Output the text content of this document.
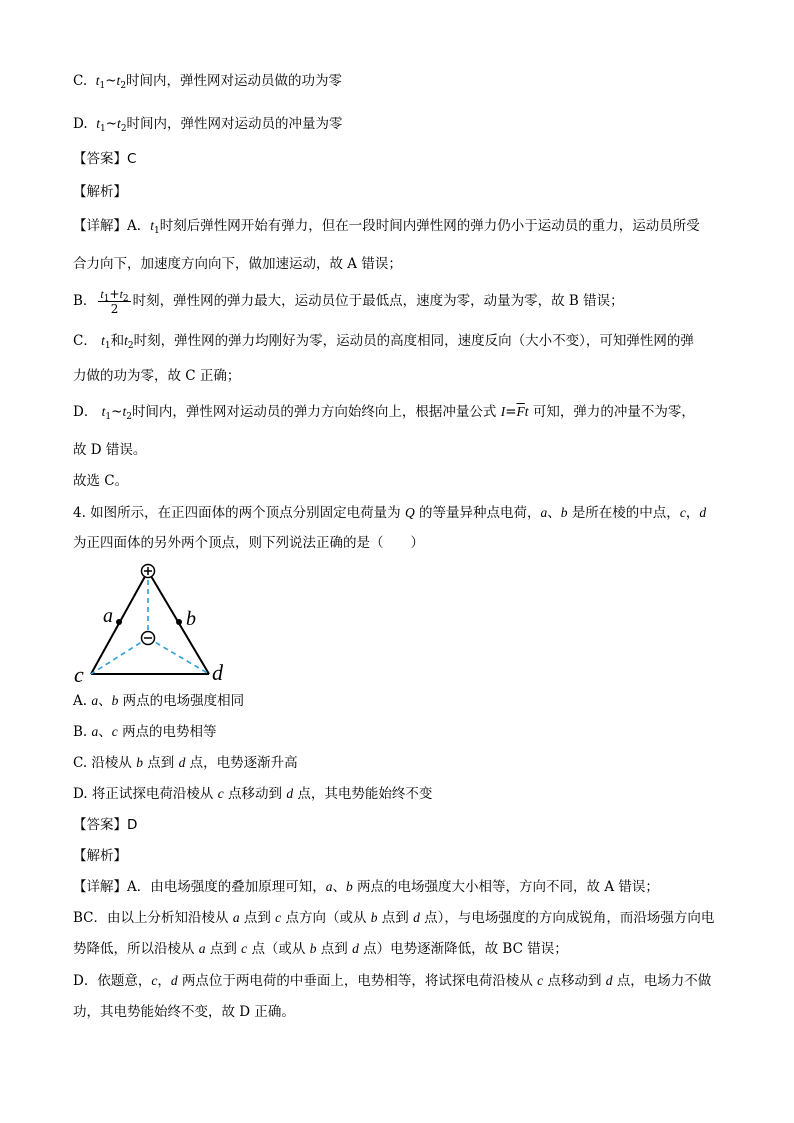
C. $t_1\sim t_2$时间内，弹性网对运动员做的功为零
D. $t_1\sim t_2$时间内，弹性网对运动员的冲量为零
【答案】C
【解析】
【详解】A．$t_1$时刻后弹性网开始有弹力，但在一段时间内弹性网的弹力仍小于运动员的重力，运动员所受
合力向下，加速度方向向下，做加速运动，故 A 错误；
B． $\frac{t_1+t_2}{2}$ 时刻，弹性网的弹力最大，运动员位于最低点，速度为零，动量为零，故 B 错误；
C． $t_1$和$t_2$时刻，弹性网的弹力均刚好为零，运动员的高度相同，速度反向（大小不变），可知弹性网的弹
力做的功为零，故 C 正确；
D． $t_1\sim t_2$时间内，弹性网对运动员的弹力方向始终向上，根据冲量公式 $I=\overline{F}t$ 可知，弹力的冲量不为零，
故 D 错误。
故选 C。
4. 如图所示，在正四面体的两个顶点分别固定电荷量为 Q 的等量异种点电荷，a、b 是所在棱的中点，c，d
为正四面体的另外两个顶点，则下列说法正确的是（　　）
a	b
c	d
A. a、b 两点的电场强度相同
B. a、c 两点的电势相等
C. 沿棱从 b 点到 d 点，电势逐渐升高
D. 将正试探电荷沿棱从 c 点移动到 d 点，其电势能始终不变
【答案】D
【解析】
【详解】A．由电场强度的叠加原理可知，a、b 两点的电场强度大小相等，方向不同，故 A 错误；
BC．由以上分析知沿棱从 a 点到 c 点方向（或从 b 点到 d 点），与电场强度的方向成锐角，而沿场强方向电
势降低，所以沿棱从 a 点到 c 点（或从 b 点到 d 点）电势逐渐降低，故 BC 错误；
D．依题意，c，d 两点位于两电荷的中垂面上，电势相等，将试探电荷沿棱从 c 点移动到 d 点，电场力不做
功，其电势能始终不变，故 D 正确。
